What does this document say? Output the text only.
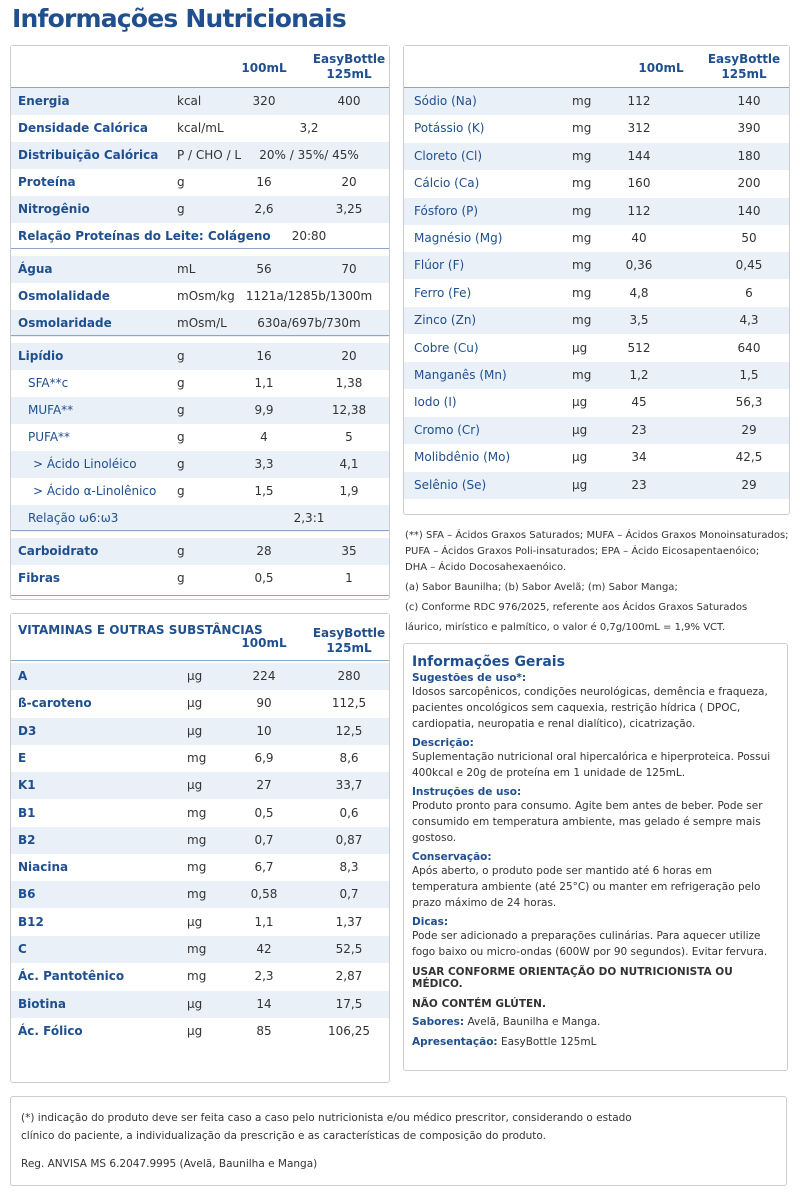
Informações Nutricionais
100mL
EasyBottle
125mL
Energia	kcal	320	400
Densidade Calórica kcal/mL	3,2
Distribuição Calórica P / CHO / L	20% / 35%/ 45%
Proteína	g	16	20
Nitrogênio	g	2,6	3,25
Relação Proteínas do Leite: Colágeno	20:80
Água	mL	56	70
Osmolalidade	mOsm/kg 1121a/1285b/1300m
Osmolaridade	mOsm/L	630a/697b/730m
Lipídio	g	16	20
SFA**c	g	1,1	1,38
MUFA**	g	9,9	12,38
PUFA**	g	4	5
> Ácido Linoléico	g	3,3	4,1
> Ácido α-Linolênico g	1,5	1,9
Relação ω6:ω3	2,3:1
Carboidrato	g	28	35
Fibras	g	0,5	1
100mL
EasyBottle
125mL
Sódio (Na)	mg	112	140
Potássio (K)	mg	312	390
Cloreto (Cl)	mg	144	180
Cálcio (Ca)	mg	160	200
Fósforo (P)	mg	112	140
Magnésio (Mg)	mg	40	50
Flúor (F)	mg	0,36	0,45
Ferro (Fe)	mg	4,8	6
Zinco (Zn)	mg	3,5	4,3
Cobre (Cu)	µg	512	640
Manganês (Mn)	mg	1,2	1,5
Iodo (I)	µg	45	56,3
Cromo (Cr)	µg	23	29
Molibdênio (Mo)	µg	34	42,5
Selênio (Se)	µg	23	29
VITAMINAS E OUTRAS SUBSTÂNCIAS
100mL
EasyBottle
125mL
A	µg	224	280
ß-caroteno	µg	90	112,5
D3	µg	10	12,5
E	mg	6,9	8,6
K1	µg	27	33,7
B1	mg	0,5	0,6
B2	mg	0,7	0,87
Niacina	mg	6,7	8,3
B6	mg	0,58	0,7
B12	µg	1,1	1,37
C	mg	42	52,5
Ác. Pantotênico	mg	2,3	2,87
Biotina	µg	14	17,5
Ác. Fólico	µg	85	106,25
(**) SFA – Ácidos Graxos Saturados; MUFA – Ácidos Graxos Monoinsaturados;
PUFA – Ácidos Graxos Poli-insaturados; EPA – Ácido Eicosapentaenóico;
DHA – Ácido Docosahexaenóico.
(a) Sabor Baunilha; (b) Sabor Avelã; (m) Sabor Manga;
(c) Conforme RDC 976/2025, referente aos Ácidos Graxos Saturados
láurico, mirístico e palmítico, o valor é 0,7g/100mL = 1,9% VCT.
Informações Gerais
Sugestões de uso*:
Idosos sarcopênicos, condições neurológicas, demência e fraqueza, pacientes oncológicos sem caquexia, restrição hídrica ( DPOC, cardiopatia, neuropatia e renal dialítico), cicatrização.
Descrição:
Suplementação nutricional oral hipercalórica e hiperproteica. Possui 400kcal e 20g de proteína em 1 unidade de 125mL.
Instruções de uso:
Produto pronto para consumo. Agite bem antes de beber. Pode ser consumido em temperatura ambiente, mas gelado é sempre mais gostoso.
Conservação:
Após aberto, o produto pode ser mantido até 6 horas em temperatura ambiente (até 25°C) ou manter em refrigeração pelo prazo máximo de 24 horas.
Dicas:
Pode ser adicionado a preparações culinárias. Para aquecer utilize fogo baixo ou micro-ondas (600W por 90 segundos). Evitar fervura.
USAR CONFORME ORIENTAÇÃO DO NUTRICIONISTA OU MÉDICO.
NÃO CONTÉM GLÚTEN.
Sabores: Avelã, Baunilha e Manga.
Apresentação: EasyBottle 125mL
(*) indicação do produto deve ser feita caso a caso pelo nutricionista e/ou médico prescritor, considerando o estado
clínico do paciente, a individualização da prescrição e as características de composição do produto.
Reg. ANVISA MS 6.2047.9995 (Avelã, Baunilha e Manga)
